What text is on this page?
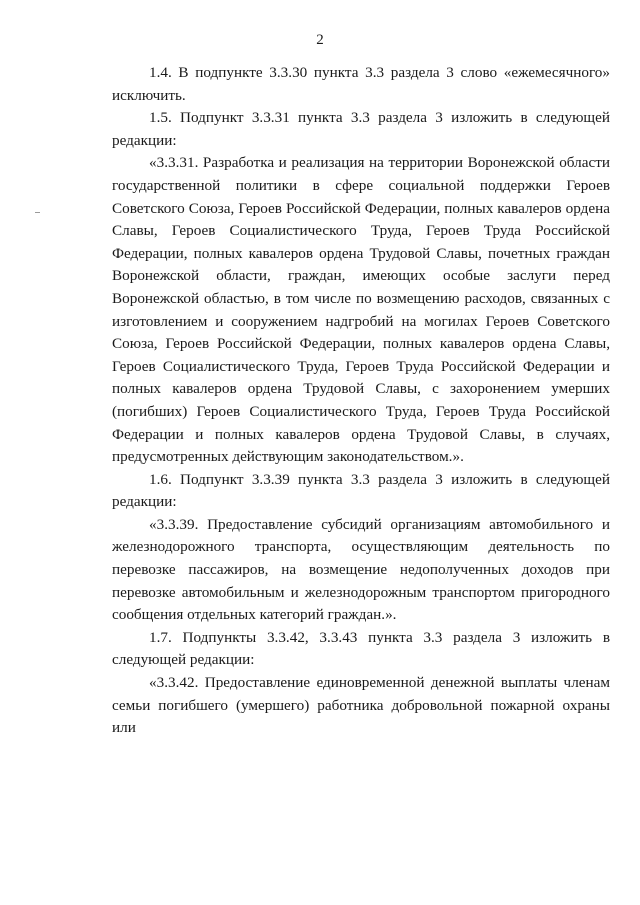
2

1.4. В подпункте 3.3.30 пункта 3.3 раздела 3 слово «ежемесячного» исключить.

1.5. Подпункт 3.3.31 пункта 3.3 раздела 3 изложить в следующей редакции:

«3.3.31. Разработка и реализация на территории Воронежской области государственной политики в сфере социальной поддержки Героев Советского Союза, Героев Российской Федерации, полных кавалеров ордена Славы, Героев Социалистического Труда, Героев Труда Российской Федерации, полных кавалеров ордена Трудовой Славы, почетных граждан Воронежской области, граждан, имеющих особые заслуги перед Воронежской областью, в том числе по возмещению расходов, связанных с изготовлением и сооружением надгробий на могилах Героев Советского Союза, Героев Российской Федерации, полных кавалеров ордена Славы, Героев Социалистического Труда, Героев Труда Российской Федерации и полных кавалеров ордена Трудовой Славы, с захоронением умерших (погибших) Героев Социалистического Труда, Героев Труда Российской Федерации и полных кавалеров ордена Трудовой Славы, в случаях, предусмотренных действующим законодательством.».

1.6. Подпункт 3.3.39 пункта 3.3 раздела 3 изложить в следующей редакции:

«3.3.39. Предоставление субсидий организациям автомобильного и железнодорожного транспорта, осуществляющим деятельность по перевозке пассажиров, на возмещение недополученных доходов при перевозке автомобильным и железнодорожным транспортом пригородного сообщения отдельных категорий граждан.».

1.7. Подпункты 3.3.42, 3.3.43 пункта 3.3 раздела 3 изложить в следующей редакции:

«3.3.42. Предоставление единовременной денежной выплаты членам семьи погибшего (умершего) работника добровольной пожарной охраны или
